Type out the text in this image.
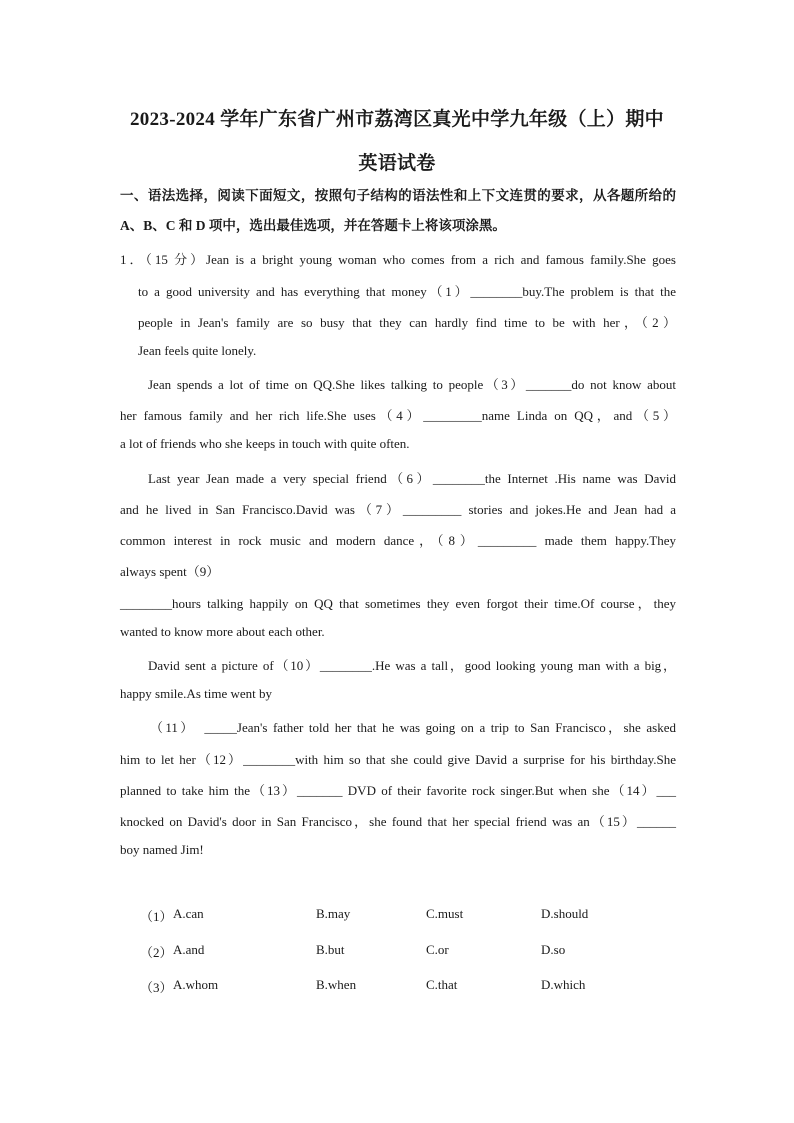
2023-2024 学年广东省广州市荔湾区真光中学九年级（上）期中
英语试卷
一、语法选择，阅读下面短文，按照句子结构的语法性和上下文连贯的要求，从各题所给的 A、B、C 和 D 项中，选出最佳选项，并在答题卡上将该项涂黑。
1．（15 分）Jean is a bright young woman who comes from a rich and famous family.She goes
to a good university and has everything that money（1）________buy.The problem is that the
people in Jean's family are so busy that they can hardly find time to be with her，（2）
Jean feels quite lonely.
Jean spends a lot of time on QQ.She likes talking to people（3）_______do not know about
her famous family and her rich life.She uses（4）_________name Linda on QQ，and（5）
a lot of friends who she keeps in touch with quite often.
Last year Jean made a very special friend（6）________the Internet .His name was David
and he lived in San Francisco.David was（7）_________ stories and jokes.He and Jean had a
common interest in rock music and modern dance，（8）_________ made them happy.They
always spent（9）
________hours talking happily on QQ that sometimes they even forgot their time.Of course，they
wanted to know more about each other.
David sent a picture of（10）________.He was a tall，good looking young man with a big，
happy smile.As time went by
（11）　_____Jean's father told her that he was going on a trip to San Francisco，she asked
him to let her（12）________with him so that she could give David a surprise for his birthday.She
planned to take him the（13）_______ DVD of their favorite rock singer.But when she（14）___
knocked on David's door in San Francisco，she found that her special friend was an（15）______
boy named Jim!
（1） A.can	B.may	C.must	D.should
（2） A.and	B.but	C.or	D.so
（3） A.whom	B.when	C.that	D.which
